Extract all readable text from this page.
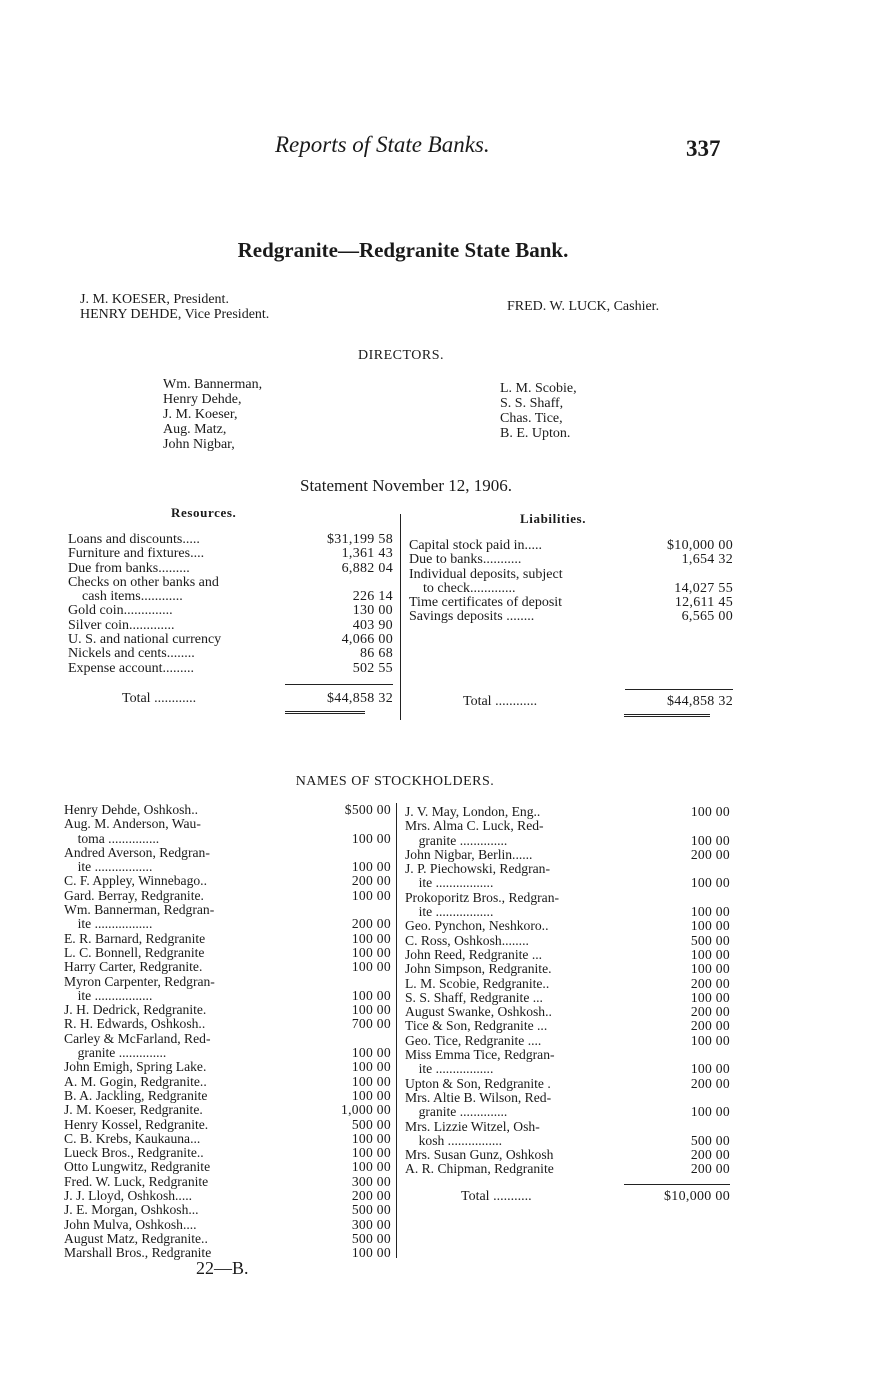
Reports of State Banks.	337
Redgranite—Redgranite State Bank.
J. M. KOESER, President.
HENRY DEHDE, Vice President.
FRED. W. LUCK, Cashier.
DIRECTORS.
Wm. Bannerman,
Henry Dehde,
J. M. Koeser,
Aug. Matz,
John Nigbar,
L. M. Scobie,
S. S. Shaff,
Chas. Tice,
B. E. Upton.
Statement November 12, 1906.
Resources.	Liabilities.
Loans and discounts.....	$31,199 58
Furniture and fixtures....	1,361 43
Due from banks.........	6,882 04
Checks on other banks and
cash items............	226 14
Gold coin..............	130 00
Silver coin.............	403 90
U. S. and national currency	4,066 00
Nickels and cents........	86 68
Expense account.........	502 55
Total ............	$44,858 32
Capital stock paid in.....	$10,000 00
Due to banks...........	1,654 32
Individual deposits, subject
to check.............	14,027 55
Time certificates of deposit	12,611 45
Savings deposits ........	6,565 00
Total ............	$44,858 32
NAMES OF STOCKHOLDERS.
Henry Dehde, Oshkosh..	$500 00
Aug. M. Anderson, Wau-
toma ...............	100 00
Andred Averson, Redgran-
ite .................	100 00
C. F. Appley, Winnebago..	200 00
Gard. Berray, Redgranite.	100 00
Wm. Bannerman, Redgran-
ite .................	200 00
E. R. Barnard, Redgranite	100 00
L. C. Bonnell, Redgranite	100 00
Harry Carter, Redgranite.	100 00
Myron Carpenter, Redgran-
ite .................	100 00
J. H. Dedrick, Redgranite.	100 00
R. H. Edwards, Oshkosh..	700 00
Carley & McFarland, Red-
granite ..............	100 00
John Emigh, Spring Lake.	100 00
A. M. Gogin, Redgranite..	100 00
B. A. Jackling, Redgranite	100 00
J. M. Koeser, Redgranite.	1,000 00
Henry Kossel, Redgranite.	500 00
C. B. Krebs, Kaukauna...	100 00
Lueck Bros., Redgranite..	100 00
Otto Lungwitz, Redgranite	100 00
Fred. W. Luck, Redgranite	300 00
J. J. Lloyd, Oshkosh.....	200 00
J. E. Morgan, Oshkosh...	500 00
John Mulva, Oshkosh....	300 00
August Matz, Redgranite..	500 00
Marshall Bros., Redgranite	100 00
J. V. May, London, Eng..	100 00
Mrs. Alma C. Luck, Red-
granite ..............	100 00
John Nigbar, Berlin......	200 00
J. P. Piechowski, Redgran-
ite .................	100 00
Prokoporitz Bros., Redgran-
ite .................	100 00
Geo. Pynchon, Neshkoro..	100 00
C. Ross, Oshkosh........	500 00
John Reed, Redgranite ...	100 00
John Simpson, Redgranite.	100 00
L. M. Scobie, Redgranite..	200 00
S. S. Shaff, Redgranite ...	100 00
August Swanke, Oshkosh..	200 00
Tice & Son, Redgranite ...	200 00
Geo. Tice, Redgranite ....	100 00
Miss Emma Tice, Redgran-
ite .................	100 00
Upton & Son, Redgranite .	200 00
Mrs. Altie B. Wilson, Red-
granite ..............	100 00
Mrs. Lizzie Witzel, Osh-
kosh ................	500 00
Mrs. Susan Gunz, Oshkosh	200 00
A. R. Chipman, Redgranite	200 00
Total ...........	$10,000 00
22—B.
